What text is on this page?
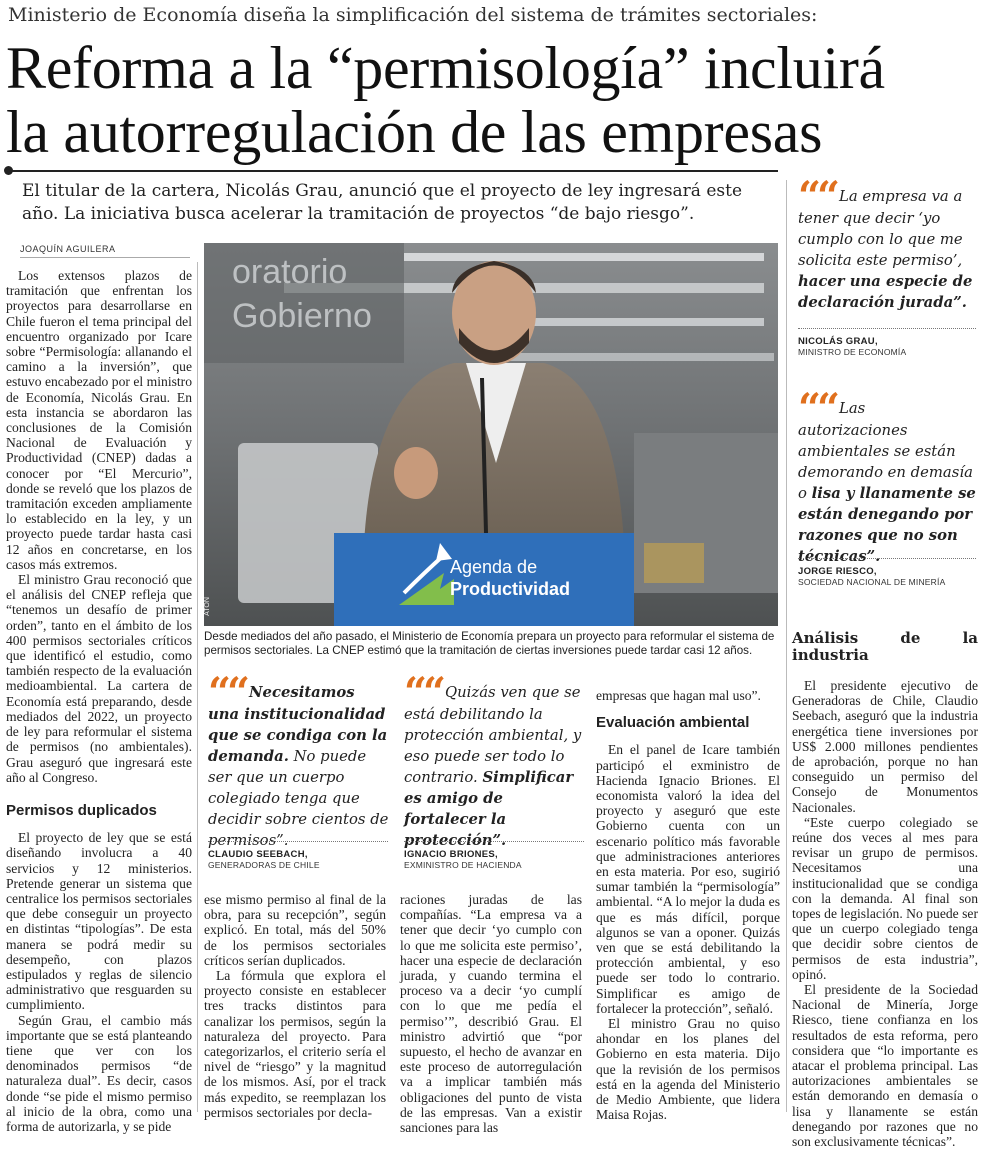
Ministerio de Economía diseña la simplificación del sistema de trámites sectoriales:
Reforma a la “permisología” incluirá
la autorregulación de las empresas
El titular de la cartera, Nicolás Grau, anunció que el proyecto de ley ingresará este año. La iniciativa busca acelerar la tramitación de proyectos “de bajo riesgo”.
JOAQUÍN AGUILERA

Los extensos plazos de tramitación que enfrentan los proyectos para desarrollarse en Chile fueron el tema principal del encuentro organizado por Icare sobre “Permisología: allanando el camino a la inversión”, que estuvo encabezado por el ministro de Economía, Nicolás Grau. En esta instancia se abordaron las conclusiones de la Comisión Nacional de Evaluación y Productividad (CNEP) dadas a conocer por “El Mercurio”, donde se reveló que los plazos de tramitación exceden ampliamente lo establecido en la ley, y un proyecto puede tardar hasta casi 12 años en concretarse, en los casos más extremos.

El ministro Grau reconoció que el análisis del CNEP refleja que “tenemos un desafío de primer orden”, tanto en el ámbito de los 400 permisos sectoriales críticos que identificó el estudio, como también respecto de la evaluación medioambiental. La cartera de Economía está preparando, desde mediados del 2022, un proyecto de ley para reformular el sistema de permisos (no ambientales). Grau aseguró que ingresará este año al Congreso.

Permisos duplicados

El proyecto de ley que se está diseñando involucra a 40 servicios y 12 ministerios. Pretende generar un sistema que centralice los permisos sectoriales que debe conseguir un proyecto en distintas “tipologías”. De esta manera se podrá medir su desempeño, con plazos estipulados y reglas de silencio administrativo que resguarden su cumplimiento.

Según Grau, el cambio más importante que se está planteando tiene que ver con los denominados permisos “de naturaleza dual”. Es decir, casos donde “se pide el mismo permiso al inicio de la obra, como una forma de autorizarla, y se pide

oratorio
Gobierno
Agenda de
Productividad
ATON
Desde mediados del año pasado, el Ministerio de Economía prepara un proyecto para reformular el sistema de permisos sectoriales. La CNEP estimó que la tramitación de ciertas inversiones puede tardar casi 12 años.
““ Necesitamos una institucionalidad que se condiga con la demanda. No puede ser que un cuerpo colegiado tenga que decidir sobre cientos de permisos”.
CLAUDIO SEEBACH,
GENERADORAS DE CHILE
““ Quizás ven que se está debilitando la protección ambiental, y eso puede ser todo lo contrario. Simplificar es amigo de fortalecer la protección”.
IGNACIO BRIONES,
EXMINISTRO DE HACIENDA

ese mismo permiso al final de la obra, para su recepción”, según explicó. En total, más del 50% de los permisos sectoriales críticos serían duplicados.

La fórmula que explora el proyecto consiste en establecer tres tracks distintos para canalizar los permisos, según la naturaleza del proyecto. Para categorizarlos, el criterio sería el nivel de “riesgo” y la magnitud de los mismos. Así, por el track más expedito, se reemplazan los permisos sectoriales por decla-

raciones juradas de las compañías. “La empresa va a tener que decir ‘yo cumplo con lo que me solicita este permiso’, hacer una especie de declaración jurada, y cuando termina el proceso va a decir ‘yo cumplí con lo que me pedía el permiso’”, describió Grau. El ministro advirtió que “por supuesto, el hecho de avanzar en este proceso de autorregulación va a implicar también más obligaciones del punto de vista de las empresas. Van a existir sanciones para las

empresas que hagan mal uso”.

Evaluación ambiental

En el panel de Icare también participó el exministro de Hacienda Ignacio Briones. El economista valoró la idea del proyecto y aseguró que este Gobierno cuenta con un escenario político más favorable que administraciones anteriores en esta materia. Por eso, sugirió sumar también la “permisología” ambiental. “A lo mejor la duda es que es más difícil, porque algunos se van a oponer. Quizás ven que se está debilitando la protección ambiental, y eso puede ser todo lo contrario. Simplificar es amigo de fortalecer la protección”, señaló.

El ministro Grau no quiso ahondar en los planes del Gobierno en esta materia. Dijo que la revisión de los permisos está en la agenda del Ministerio de Medio Ambiente, que lidera Maisa Rojas.

““ La empresa va a tener que decir ‘yo cumplo con lo que me solicita este permiso’, hacer una especie de declaración jurada”.
NICOLÁS GRAU,
MINISTRO DE ECONOMÍA
““ Las autorizaciones ambientales se están demorando en demasía o lisa y llanamente se están denegando por razones que no son técnicas”.
JORGE RIESCO,
SOCIEDAD NACIONAL DE MINERÍA
Análisis de la industria

El presidente ejecutivo de Generadoras de Chile, Claudio Seebach, aseguró que la industria energética tiene inversiones por US$ 2.000 millones pendientes de aprobación, porque no han conseguido un permiso del Consejo de Monumentos Nacionales.

“Este cuerpo colegiado se reúne dos veces al mes para revisar un grupo de permisos. Necesitamos una institucionalidad que se condiga con la demanda. Al final son topes de legislación. No puede ser que un cuerpo colegiado tenga que decidir sobre cientos de permisos de esta industria”, opinó.

El presidente de la Sociedad Nacional de Minería, Jorge Riesco, tiene confianza en los resultados de esta reforma, pero considera que “lo importante es atacar el problema principal. Las autorizaciones ambientales se están demorando en demasía o lisa y llanamente se están denegando por razones que no son exclusivamente técnicas”.
